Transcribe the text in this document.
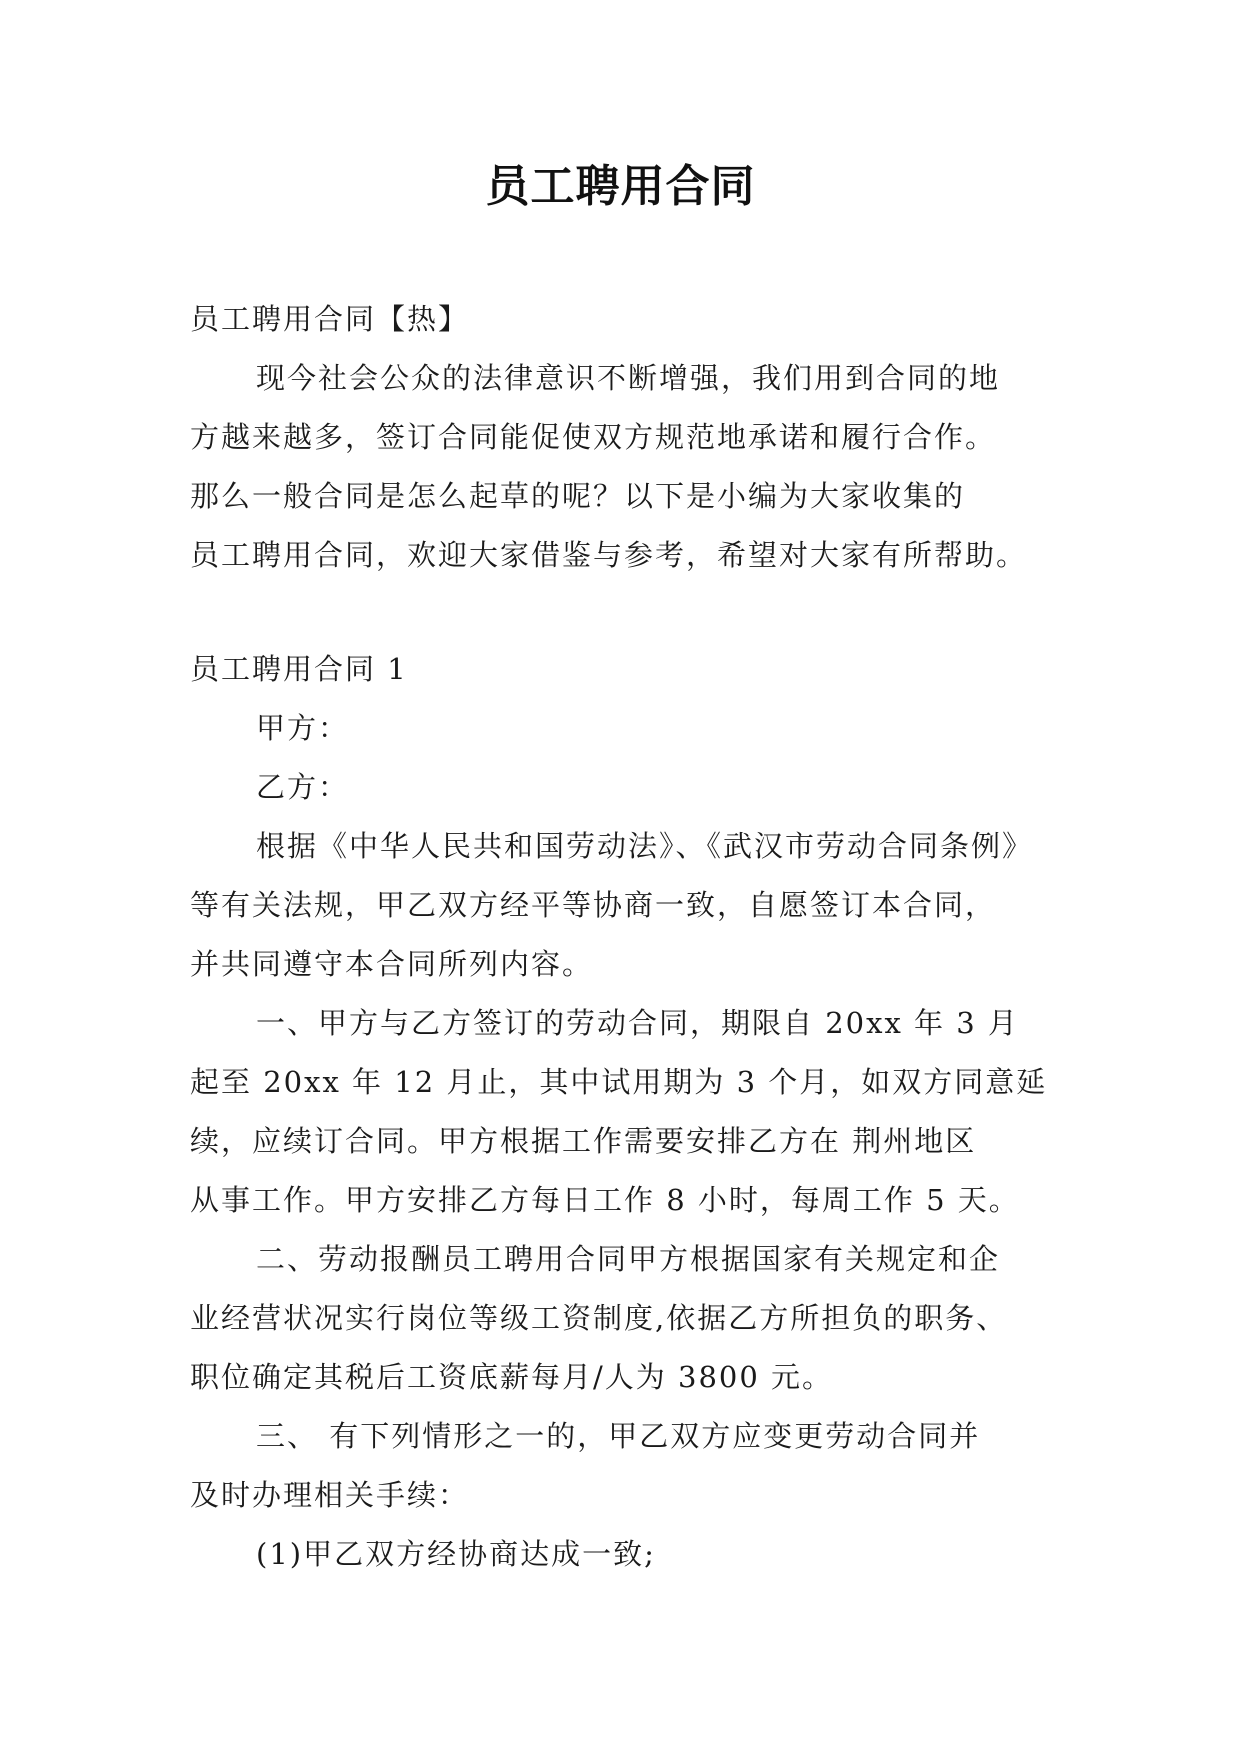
员工聘用合同
员工聘用合同【热】
现今社会公众的法律意识不断增强，我们用到合同的地
方越来越多，签订合同能促使双方规范地承诺和履行合作。
那么一般合同是怎么起草的呢？以下是小编为大家收集的
员工聘用合同，欢迎大家借鉴与参考，希望对大家有所帮助。
员工聘用合同 1
甲方：
乙方：
根据《中华人民共和国劳动法》、《武汉市劳动合同条例》
等有关法规，甲乙双方经平等协商一致，自愿签订本合同，
并共同遵守本合同所列内容。
一、甲方与乙方签订的劳动合同，期限自 20xx 年 3 月
起至 20xx 年 12 月止，其中试用期为 3 个月，如双方同意延
续，应续订合同。甲方根据工作需要安排乙方在 荆州地区
从事工作。甲方安排乙方每日工作 8 小时，每周工作 5 天。
二、劳动报酬员工聘用合同甲方根据国家有关规定和企
业经营状况实行岗位等级工资制度,依据乙方所担负的职务、
职位确定其税后工资底薪每月/人为 3800 元。
三、 有下列情形之一的，甲乙双方应变更劳动合同并
及时办理相关手续：
(1)甲乙双方经协商达成一致;
